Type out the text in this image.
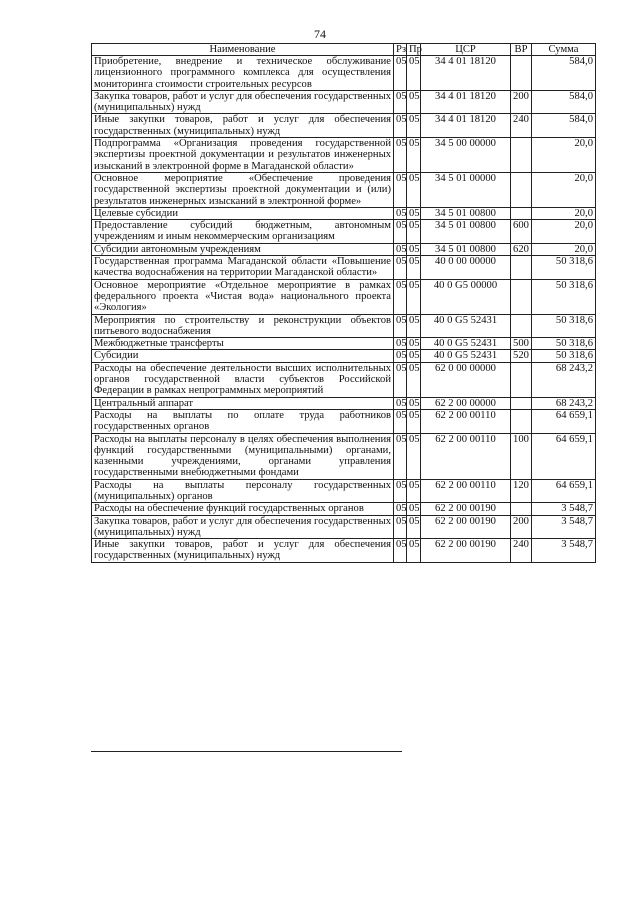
74
Наименование	Рз	Пр	ЦСР	ВР	Сумма
Приобретение, внедрение и техническое обслуживание лицензионного программного комплекса для осуществления мониторинга стоимости строительных ресурсов	05	05	34 4 01 18120		584,0
Закупка товаров, работ и услуг для обеспечения государственных (муниципальных) нужд	05	05	34 4 01 18120	200	584,0
Иные закупки товаров, работ и услуг для обеспечения государственных (муниципальных) нужд	05	05	34 4 01 18120	240	584,0
Подпрограмма «Организация проведения государственной экспертизы проектной документации и результатов инженерных изысканий в электронной форме в Магаданской области»	05	05	34 5 00 00000		20,0
Основное мероприятие «Обеспечение проведения государственной экспертизы проектной документации и (или) результатов инженерных изысканий в электронной форме»	05	05	34 5 01 00000		20,0
Целевые субсидии	05	05	34 5 01 00800		20,0
Предоставление субсидий бюджетным, автономным учреждениям и иным некоммерческим организациям	05	05	34 5 01 00800	600	20,0
Субсидии автономным учреждениям	05	05	34 5 01 00800	620	20,0
Государственная программа Магаданской области «Повышение качества водоснабжения на территории Магаданской области»	05	05	40 0 00 00000		50 318,6
Основное мероприятие «Отдельное мероприятие в рамках федерального проекта «Чистая вода» национального проекта «Экология»	05	05	40 0 G5 00000		50 318,6
Мероприятия по строительству и реконструкции объектов питьевого водоснабжения	05	05	40 0 G5 52431		50 318,6
Межбюджетные трансферты	05	05	40 0 G5 52431	500	50 318,6
Субсидии	05	05	40 0 G5 52431	520	50 318,6
Расходы на обеспечение деятельности высших исполнительных органов государственной власти субъектов Российской Федерации в рамках непрограммных мероприятий	05	05	62 0 00 00000		68 243,2
Центральный аппарат	05	05	62 2 00 00000		68 243,2
Расходы на выплаты по оплате труда работников государственных органов	05	05	62 2 00 00110		64 659,1
Расходы на выплаты персоналу в целях обеспечения выполнения функций государственными (муниципальными) органами, казенными учреждениями, органами управления государственными внебюджетными фондами	05	05	62 2 00 00110	100	64 659,1
Расходы на выплаты персоналу государственных (муниципальных) органов	05	05	62 2 00 00110	120	64 659,1
Расходы на обеспечение функций государственных органов	05	05	62 2 00 00190		3 548,7
Закупка товаров, работ и услуг для обеспечения государственных (муниципальных) нужд	05	05	62 2 00 00190	200	3 548,7
Иные закупки товаров, работ и услуг для обеспечения государственных (муниципальных) нужд	05	05	62 2 00 00190	240	3 548,7
